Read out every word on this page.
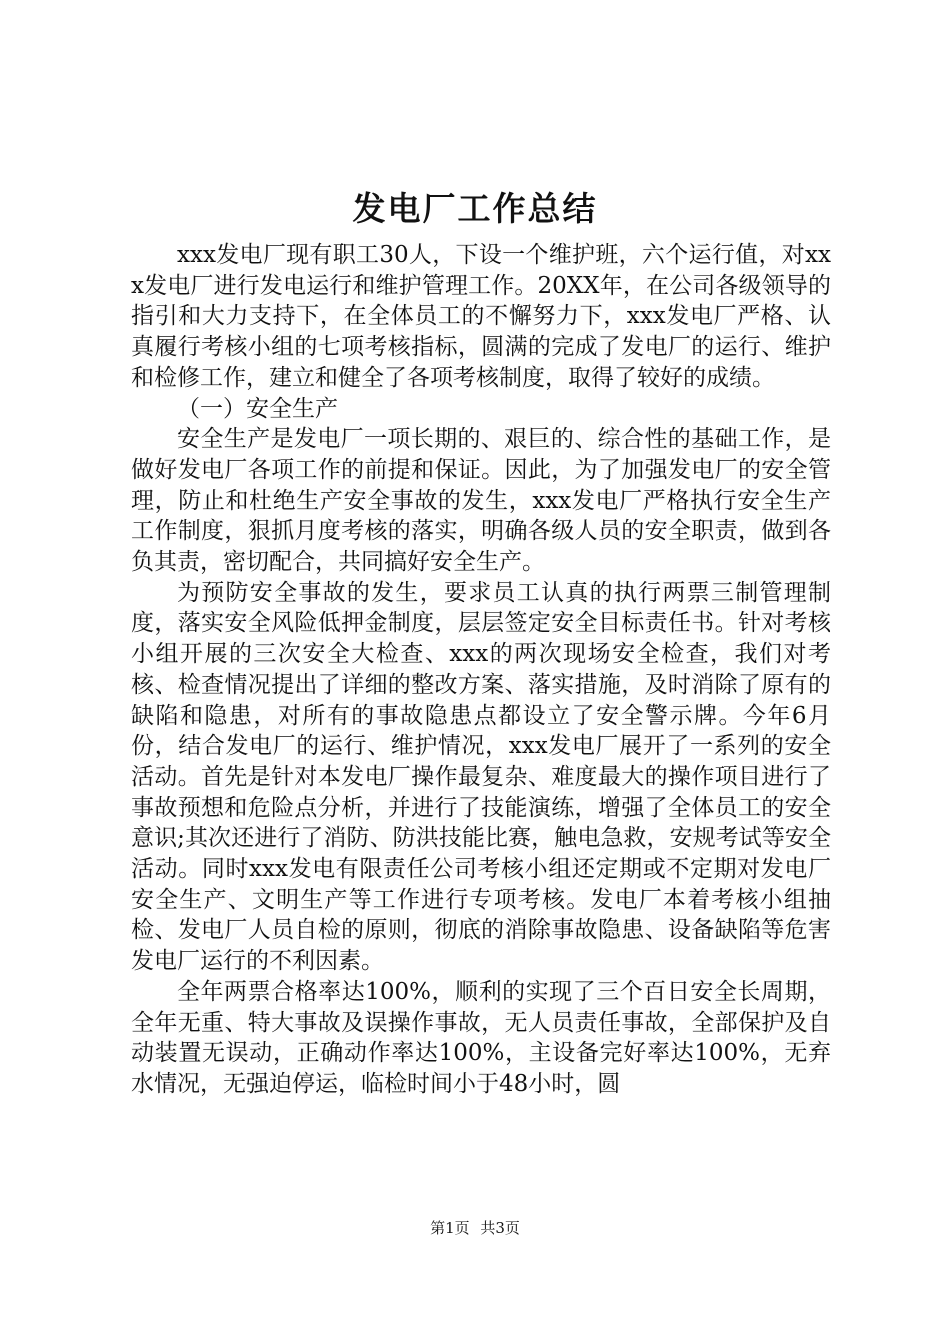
发电厂工作总结

xxx发电厂现有职工30人，下设一个维护班，六个运行值，对xxx发电厂进行发电运行和维护管理工作。20XX年，在公司各级领导的指引和大力支持下，在全体员工的不懈努力下，xxx发电厂严格、认真履行考核小组的七项考核指标，圆满的完成了发电厂的运行、维护和检修工作，建立和健全了各项考核制度，取得了较好的成绩。

（一）安全生产

安全生产是发电厂一项长期的、艰巨的、综合性的基础工作，是做好发电厂各项工作的前提和保证。因此，为了加强发电厂的安全管理，防止和杜绝生产安全事故的发生，xxx发电厂严格执行安全生产工作制度，狠抓月度考核的落实，明确各级人员的安全职责，做到各负其责，密切配合，共同搞好安全生产。

为预防安全事故的发生，要求员工认真的执行两票三制管理制度，落实安全风险低押金制度，层层签定安全目标责任书。针对考核小组开展的三次安全大检查、xxx的两次现场安全检查，我们对考核、检查情况提出了详细的整改方案、落实措施，及时消除了原有的缺陷和隐患，对所有的事故隐患点都设立了安全警示牌。今年6月份，结合发电厂的运行、维护情况，xxx发电厂展开了一系列的安全活动。首先是针对本发电厂操作最复杂、难度最大的操作项目进行了事故预想和危险点分析，并进行了技能演练，增强了全体员工的安全意识;其次还进行了消防、防洪技能比赛，触电急救，安规考试等安全活动。同时xxx发电有限责任公司考核小组还定期或不定期对发电厂安全生产、文明生产等工作进行专项考核。发电厂本着考核小组抽检、发电厂人员自检的原则，彻底的消除事故隐患、设备缺陷等危害发电厂运行的不利因素。

全年两票合格率达100%，顺利的实现了三个百日安全长周期，全年无重、特大事故及误操作事故，无人员责任事故，全部保护及自动装置无误动，正确动作率达100%，主设备完好率达100%，无弃水情况，无强迫停运，临检时间小于48小时，圆

第1页 共3页
